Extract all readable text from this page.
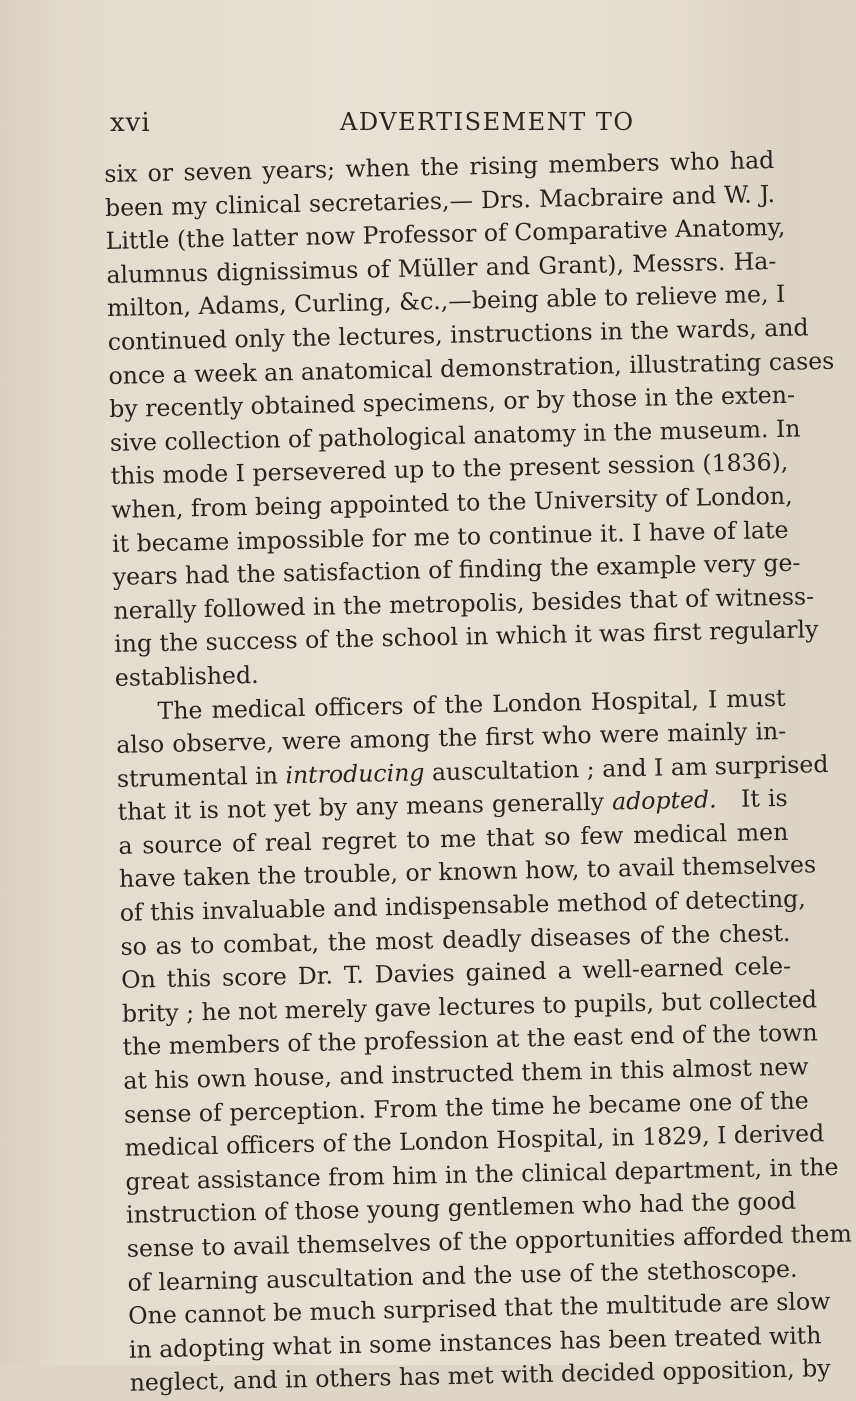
xvi	ADVERTISEMENT TO
six or seven years; when the rising members who had
been my clinical secretaries,— Drs. Macbraire and W. J.
Little (the latter now Professor of Comparative Anatomy,
alumnus dignissimus of Müller and Grant), Messrs. Ha-
milton, Adams, Curling, &c.,—being able to relieve me, I
continued only the lectures, instructions in the wards, and
once a week an anatomical demonstration, illustrating cases
by recently obtained specimens, or by those in the exten-
sive collection of pathological anatomy in the museum. In
this mode I persevered up to the present session (1836),
when, from being appointed to the University of London,
it became impossible for me to continue it. I have of late
years had the satisfaction of finding the example very ge-
nerally followed in the metropolis, besides that of witness-
ing the success of the school in which it was first regularly
established.
The medical officers of the London Hospital, I must
also observe, were among the first who were mainly in-
strumental in introducing auscultation ; and I am surprised
that it is not yet by any means generally adopted. It is
a source of real regret to me that so few medical men
have taken the trouble, or known how, to avail themselves
of this invaluable and indispensable method of detecting,
so as to combat, the most deadly diseases of the chest.
On this score Dr. T. Davies gained a well-earned cele-
brity ; he not merely gave lectures to pupils, but collected
the members of the profession at the east end of the town
at his own house, and instructed them in this almost new
sense of perception. From the time he became one of the
medical officers of the London Hospital, in 1829, I derived
great assistance from him in the clinical department, in the
instruction of those young gentlemen who had the good
sense to avail themselves of the opportunities afforded them
of learning auscultation and the use of the stethoscope.
One cannot be much surprised that the multitude are slow
in adopting what in some instances has been treated with
neglect, and in others has met with decided opposition, by
